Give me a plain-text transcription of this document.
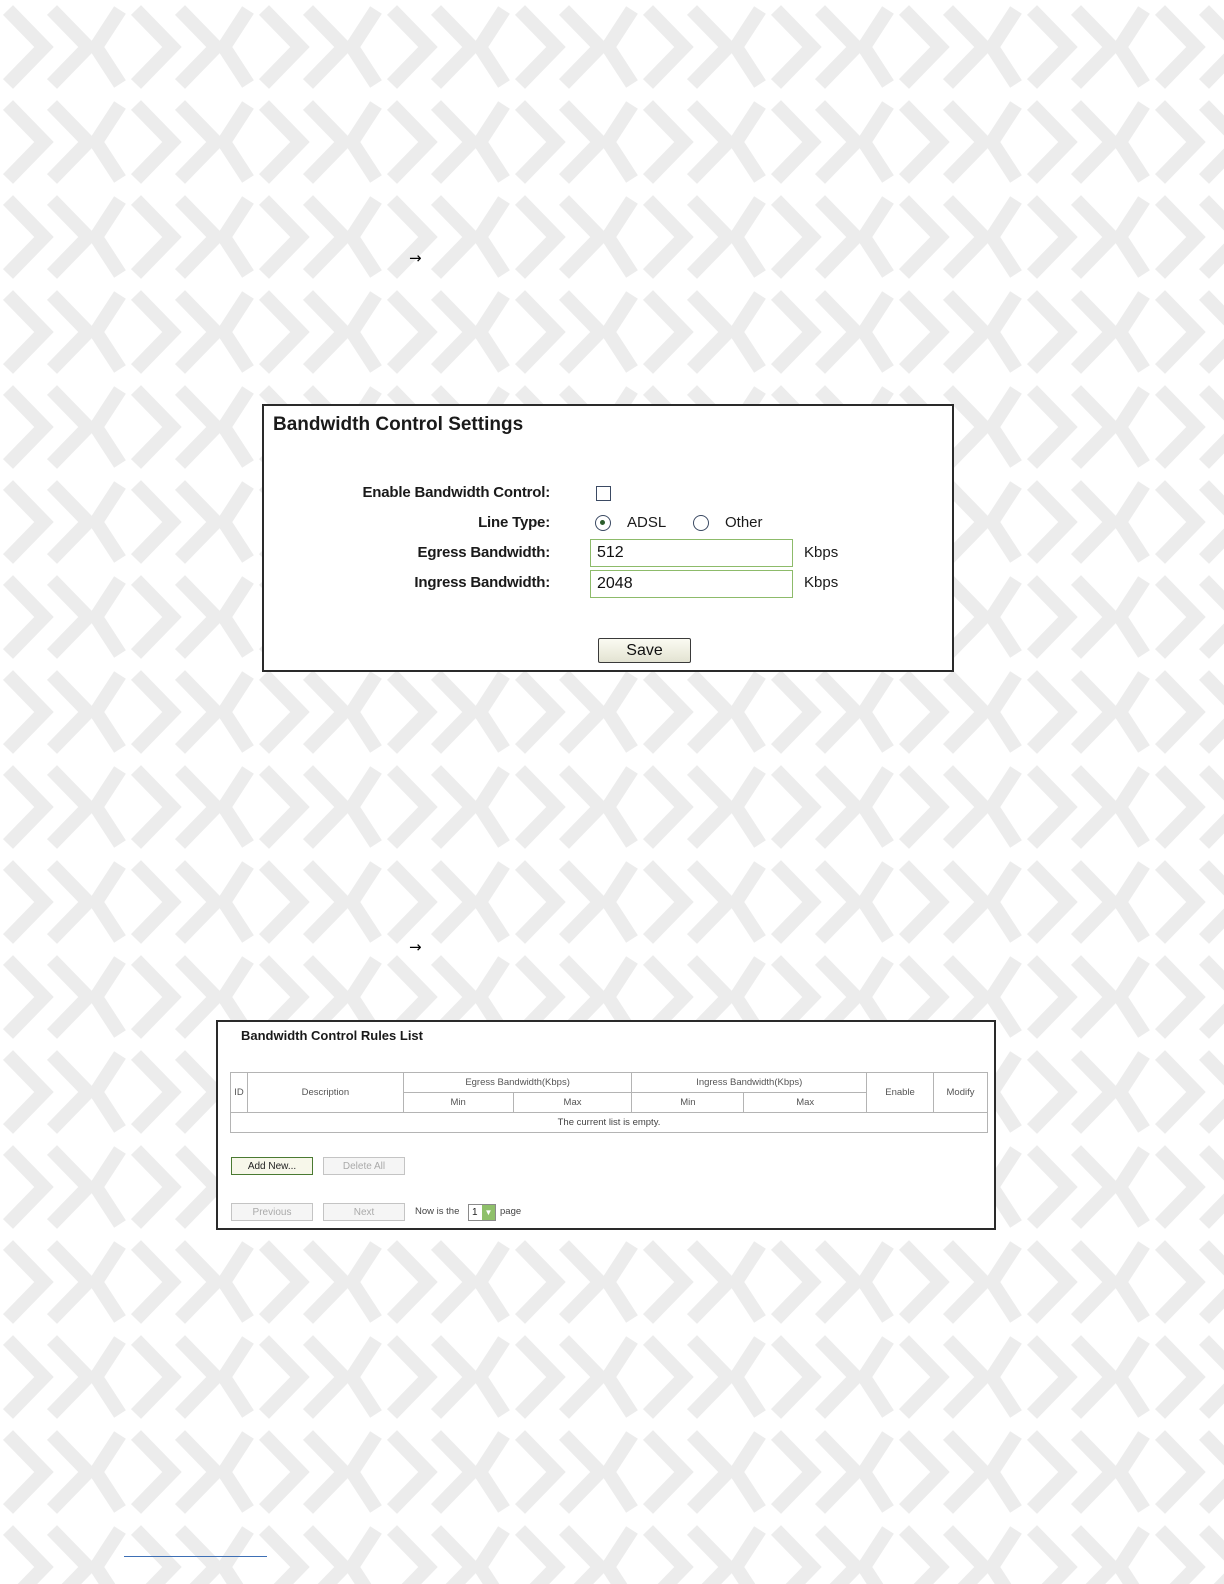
→
→
Bandwidth Control Settings
Enable Bandwidth Control:
Line Type:	ADSL	Other
Egress Bandwidth:
512	Kbps
Ingress Bandwidth:
2048	Kbps
Save
Bandwidth Control Rules List
ID	Description	Egress Bandwidth(Kbps)		Ingress Bandwidth(Kbps)		Enable	Modify
		Min	Max	Min	Max		
The current list is empty.							
Add New...	Delete All
Previous	Next	Now is the 1 ▼ page
